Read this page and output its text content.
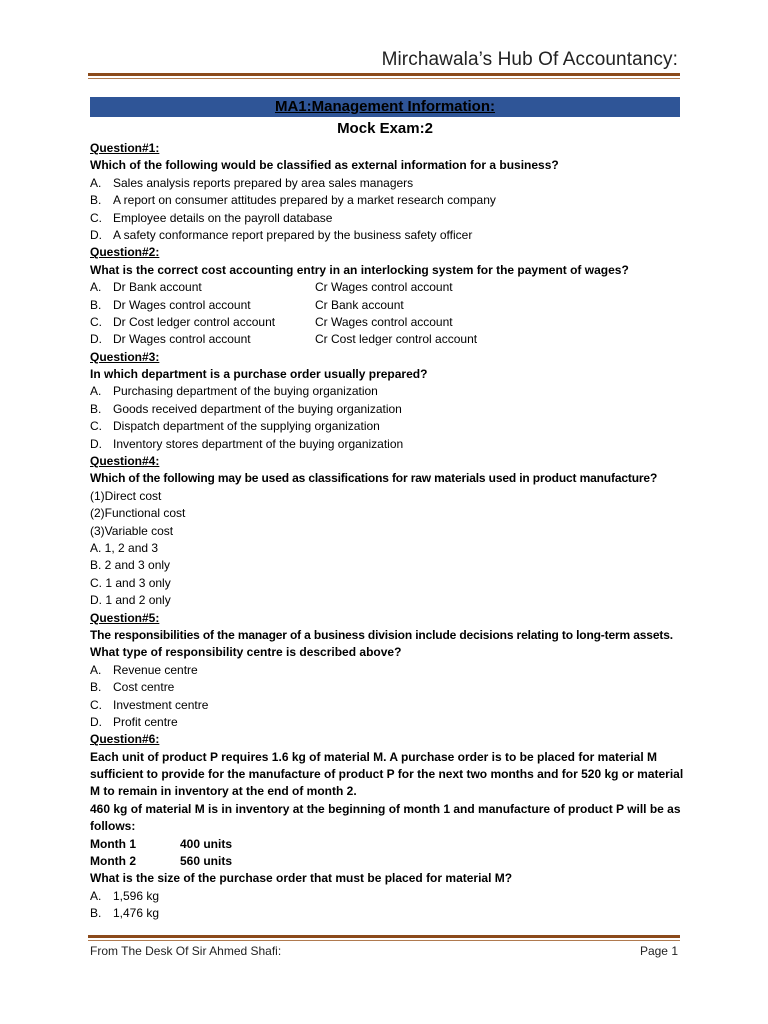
Mirchawala’s Hub Of Accountancy:
MA1:Management Information:
Mock Exam:2
Question#1:
Which of the following would be classified as external information for a business?
A. Sales analysis reports prepared by area sales managers
B. A report on consumer attitudes prepared by a market research company
C. Employee details on the payroll database
D. A safety conformance report prepared by the business safety officer
Question#2:
What is the correct cost accounting entry in an interlocking system for the payment of wages?
A. Dr Bank account	Cr Wages control account
B. Dr Wages control account	Cr Bank account
C. Dr Cost ledger control account	Cr Wages control account
D. Dr Wages control account	Cr Cost ledger control account
Question#3:
In which department is a purchase order usually prepared?
A. Purchasing department of the buying organization
B. Goods received department of the buying organization
C. Dispatch department of the supplying organization
D. Inventory stores department of the buying organization
Question#4:
Which of the following may be used as classifications for raw materials used in product manufacture?
(1)Direct cost
(2)Functional cost
(3)Variable cost
A. 1, 2 and 3
B. 2 and 3 only
C. 1 and 3 only
D. 1 and 2 only
Question#5:
The responsibilities of the manager of a business division include decisions relating to long-term assets.
What type of responsibility centre is described above?
A. Revenue centre
B. Cost centre
C. Investment centre
D. Profit centre
Question#6:
Each unit of product P requires 1.6 kg of material M. A purchase order is to be placed for material M sufficient to provide for the manufacture of product P for the next two months and for 520 kg or material M to remain in inventory at the end of month 2.
460 kg of material M is in inventory at the beginning of month 1 and manufacture of product P will be as follows:
Month 1	400 units
Month 2	560 units
What is the size of the purchase order that must be placed for material M?
A. 1,596 kg
B. 1,476 kg
From The Desk Of Sir Ahmed Shafi:	Page 1
